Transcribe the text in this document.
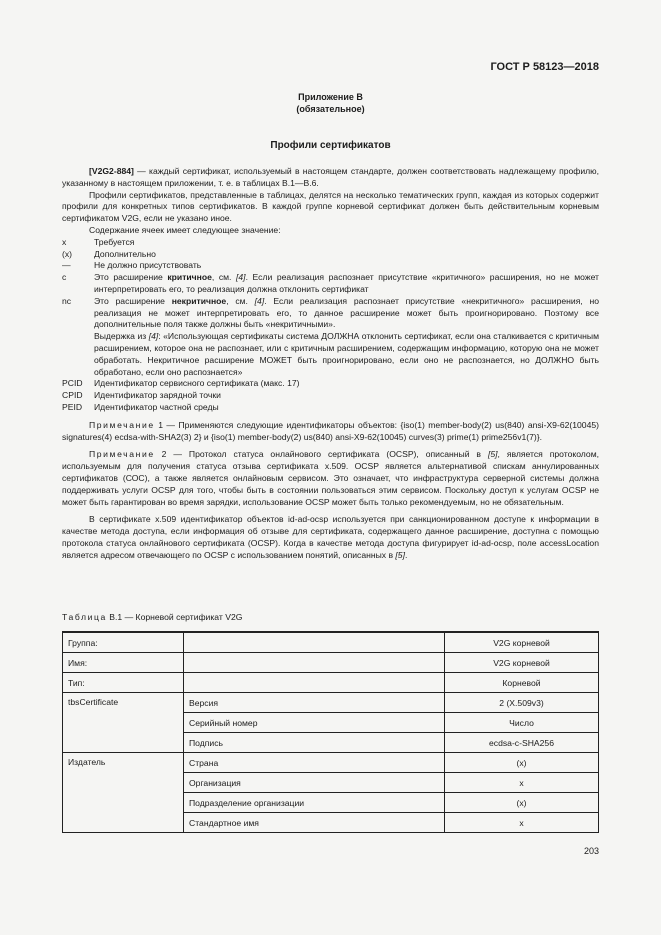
ГОСТ Р 58123—2018
Приложение В
(обязательное)
Профили сертификатов

[V2G2-884] — каждый сертификат, используемый в настоящем стандарте, должен соответствовать надлежащему профилю, указанному в настоящем приложении, т. е. в таблицах В.1—В.6.

Профили сертификатов, представленные в таблицах, делятся на несколько тематических групп, каждая из которых содержит профили для конкретных типов сертификатов. В каждой группе корневой сертификат должен быть действительным корневым сертификатом V2G, если не указано иное.

Содержание ячеек имеет следующее значение:

x	Требуется
(x)	Дополнительно
—	Не должно присутствовать
c	Это расширение критичное, см. [4]. Если реализация распознает присутствие «критичного» расширения, но не может интерпретировать его, то реализация должна отклонить сертификат
nc	Это расширение некритичное, см. [4]. Если реализация распознает присутствие «некритичного» расширения, но реализация не может интерпретировать его, то данное расширение может быть проигнорировано. Поэтому все дополнительные поля также должны быть «некритичными».
Выдержка из [4]: «Использующая сертификаты система ДОЛЖНА отклонить сертификат, если она сталкивается с критичным расширением, которое она не распознает, или с критичным расширением, содержащим информацию, которую она не может обработать. Некритичное расширение МОЖЕТ быть проигнорировано, если оно не распознается, но ДОЛЖНО быть обработано, если оно распознается»
PCID	Идентификатор сервисного сертификата (макс. 17)
CPID	Идентификатор зарядной точки
PEID	Идентификатор частной среды
Примечание 1 — Применяются следующие идентификаторы объектов: {iso(1) member-body(2) us(840) ansi-X9-62(10045) signatures(4) ecdsa-with-SHA2(3) 2} и {iso(1) member-body(2) us(840) ansi-X9-62(10045) curves(3) prime(1) prime256v1(7)}.
Примечание 2 — Протокол статуса онлайнового сертификата (OCSP), описанный в [5], является протоколом, используемым для получения статуса отзыва сертификата x.509. OCSP является альтернативой спискам аннулированных сертификатов (СОС), а также является онлайновым сервисом. Это означает, что инфраструктура серверной системы должна поддерживать услуги OCSP для того, чтобы быть в состоянии пользоваться этим сервисом. Поскольку доступ к услугам OCSP не может быть гарантирован во время зарядки, использование OCSP может быть только рекомендуемым, но не обязательным.

В сертификате x.509 идентификатор объектов id-ad-ocsp используется при санкционированном доступе к информации в качестве метода доступа, если информация об отзыве для сертификата, содержащего данное расширение, доступна с помощью протокола статуса онлайнового сертификата (OCSP). Когда в качестве метода доступа фигурирует id-ad-ocsp, поле accessLocation является адресом отвечающего по OCSP с использованием понятий, описанных в [5].

Таблица В.1 — Корневой сертификат V2G
Группа:		V2G корневой
Имя:		V2G корневой
Тип:		Корневой
tbsCertificate	Версия	2 (X.509v3)
	Серийный номер	Число
	Подпись	ecdsa-c-SHA256
Издатель	Страна	(x)
	Организация	x
	Подразделение организации	(x)
	Стандартное имя	x
203
